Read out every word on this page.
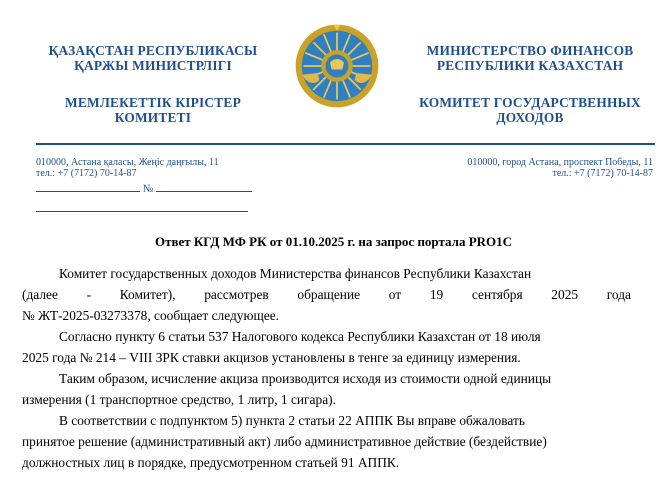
ҚАЗАҚСТАН РЕСПУБЛИКАСЫ
ҚАРЖЫ МИНИСТРЛІГІ
МЕМЛЕКЕТТІК КІРІСТЕР
КОМИТЕТІ
МИНИСТЕРСТВО ФИНАНСОВ
РЕСПУБЛИКИ КАЗАХСТАН
КОМИТЕТ ГОСУДАРСТВЕННЫХ
ДОХОДОВ
010000, Астана қаласы, Жеңіс даңғылы, 11
тел.: +7 (7172) 70-14-87
010000, город Астана, проспект Победы, 11
тел.: +7 (7172) 70-14-87
№
Ответ КГД МФ РК от 01.10.2025 г. на запрос портала PRO1C

Комитет государственных доходов Министерства финансов Республики Казахстан

(далее - Комитет), рассмотрев обращение от 19 сентября 2025 года

№ ЖТ-2025-03273378, сообщает следующее.

Согласно пункту 6 статьи 537 Налогового кодекса Республики Казахстан от 18 июля

2025 года № 214 – VIII ЗРК ставки акцизов установлены в тенге за единицу измерения.

Таким образом, исчисление акциза производится исходя из стоимости одной единицы

измерения (1 транспортное средство, 1 литр, 1 сигара).

В соответствии с подпунктом 5) пункта 2 статьи 22 АППК Вы вправе обжаловать

принятое решение (административный акт) либо административное действие (бездействие)

должностных лиц в порядке, предусмотренном статьей 91 АППК.
